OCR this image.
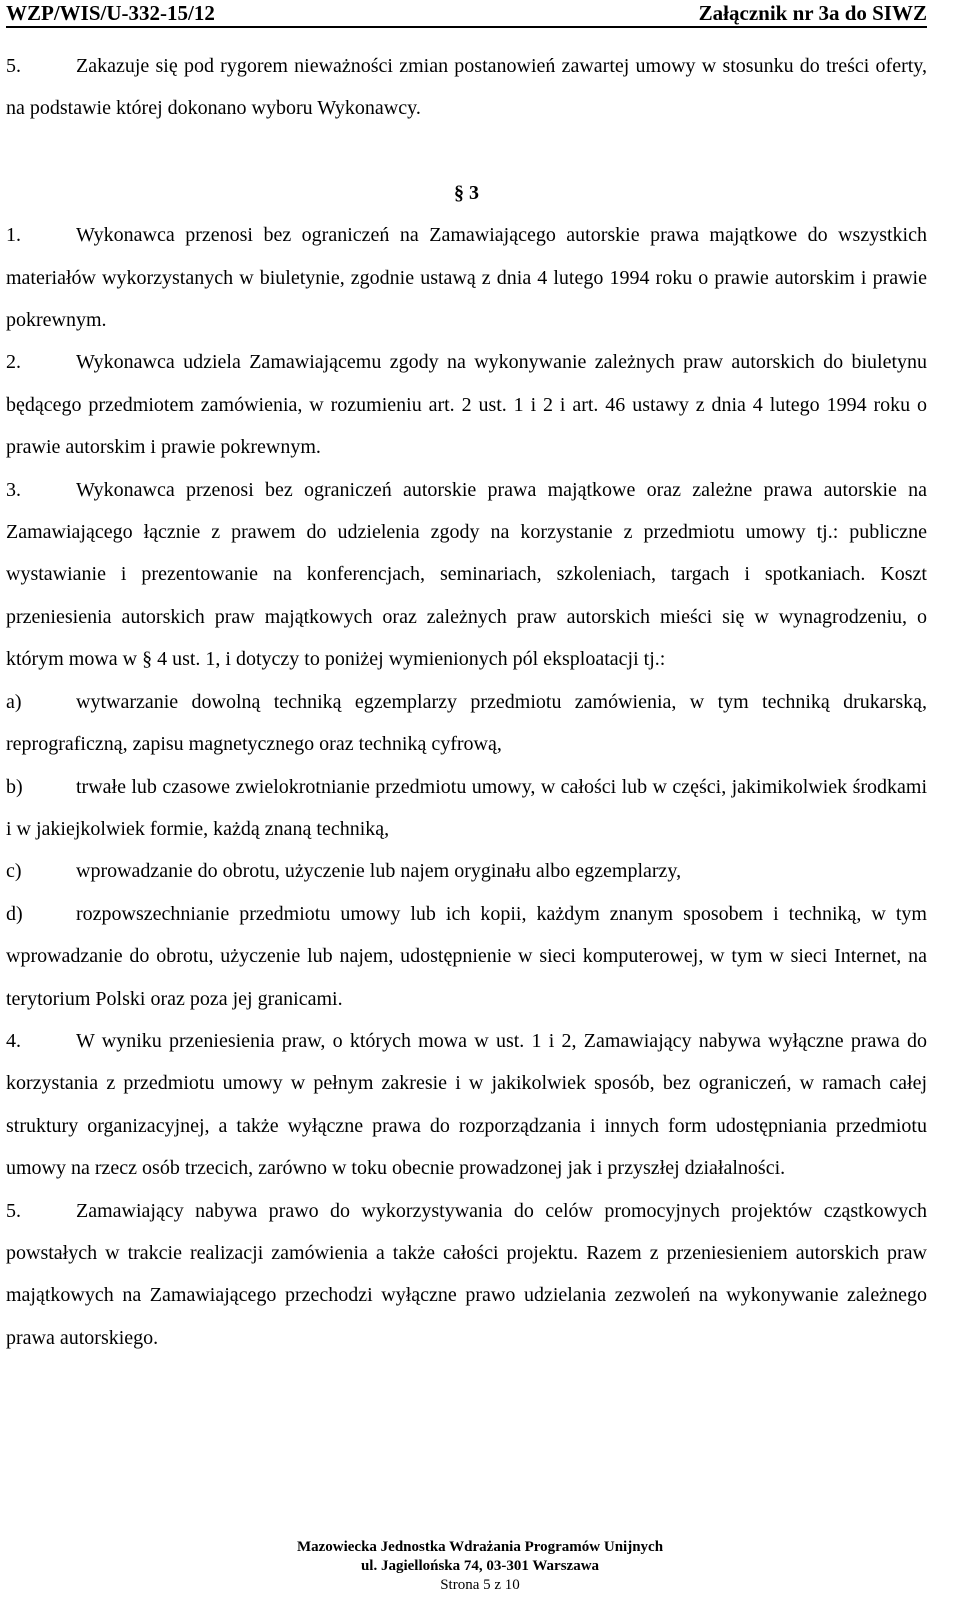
WZP/WIS/U-332-15/12	Załącznik nr 3a do SIWZ

5.	Zakazuje się pod rygorem nieważności zmian postanowień zawartej umowy w stosunku do treści oferty, na podstawie której dokonano wyboru Wykonawcy.

§ 3

1.	Wykonawca przenosi bez ograniczeń na Zamawiającego autorskie prawa majątkowe do wszystkich materiałów wykorzystanych w biuletynie, zgodnie ustawą z dnia 4 lutego 1994 roku o prawie autorskim i prawie pokrewnym.

2.	Wykonawca udziela Zamawiającemu zgody na wykonywanie zależnych praw autorskich do biuletynu będącego przedmiotem zamówienia, w rozumieniu art. 2 ust. 1 i 2 i art. 46 ustawy z dnia 4 lutego 1994 roku o prawie autorskim i prawie pokrewnym.

3.	Wykonawca przenosi bez ograniczeń autorskie prawa majątkowe oraz zależne prawa autorskie na Zamawiającego łącznie z prawem do udzielenia zgody na korzystanie z przedmiotu umowy tj.: publiczne wystawianie i prezentowanie na konferencjach, seminariach, szkoleniach, targach i spotkaniach. Koszt przeniesienia autorskich praw majątkowych oraz zależnych praw autorskich mieści się w wynagrodzeniu, o którym mowa w § 4 ust. 1, i dotyczy to poniżej wymienionych pól eksploatacji tj.:

a)	wytwarzanie dowolną techniką egzemplarzy przedmiotu zamówienia, w tym techniką drukarską, reprograficzną, zapisu magnetycznego oraz techniką cyfrową,

b)	trwałe lub czasowe zwielokrotnianie przedmiotu umowy, w całości lub w części, jakimikolwiek środkami i w jakiejkolwiek formie, każdą znaną techniką,

c)	wprowadzanie do obrotu, użyczenie lub najem oryginału albo egzemplarzy,

d)	rozpowszechnianie przedmiotu umowy lub ich kopii, każdym znanym sposobem i techniką, w tym wprowadzanie do obrotu, użyczenie lub najem, udostępnienie w sieci komputerowej, w tym w sieci Internet, na terytorium Polski oraz poza jej granicami.

4.	W wyniku przeniesienia praw, o których mowa w ust. 1 i 2, Zamawiający nabywa wyłączne prawa do korzystania z przedmiotu umowy w pełnym zakresie i w jakikolwiek sposób, bez ograniczeń, w ramach całej struktury organizacyjnej, a także wyłączne prawa do rozporządzania i innych form udostępniania przedmiotu umowy na rzecz osób trzecich, zarówno w toku obecnie prowadzonej jak i przyszłej działalności.

5.	Zamawiający nabywa prawo do wykorzystywania do celów promocyjnych projektów cząstkowych powstałych w trakcie realizacji zamówienia a także całości projektu. Razem z przeniesieniem autorskich praw majątkowych na Zamawiającego przechodzi wyłączne prawo udzielania zezwoleń na wykonywanie zależnego prawa autorskiego.

Mazowiecka Jednostka Wdrażania Programów Unijnych
ul. Jagiellońska 74, 03-301 Warszawa
Strona 5 z 10
